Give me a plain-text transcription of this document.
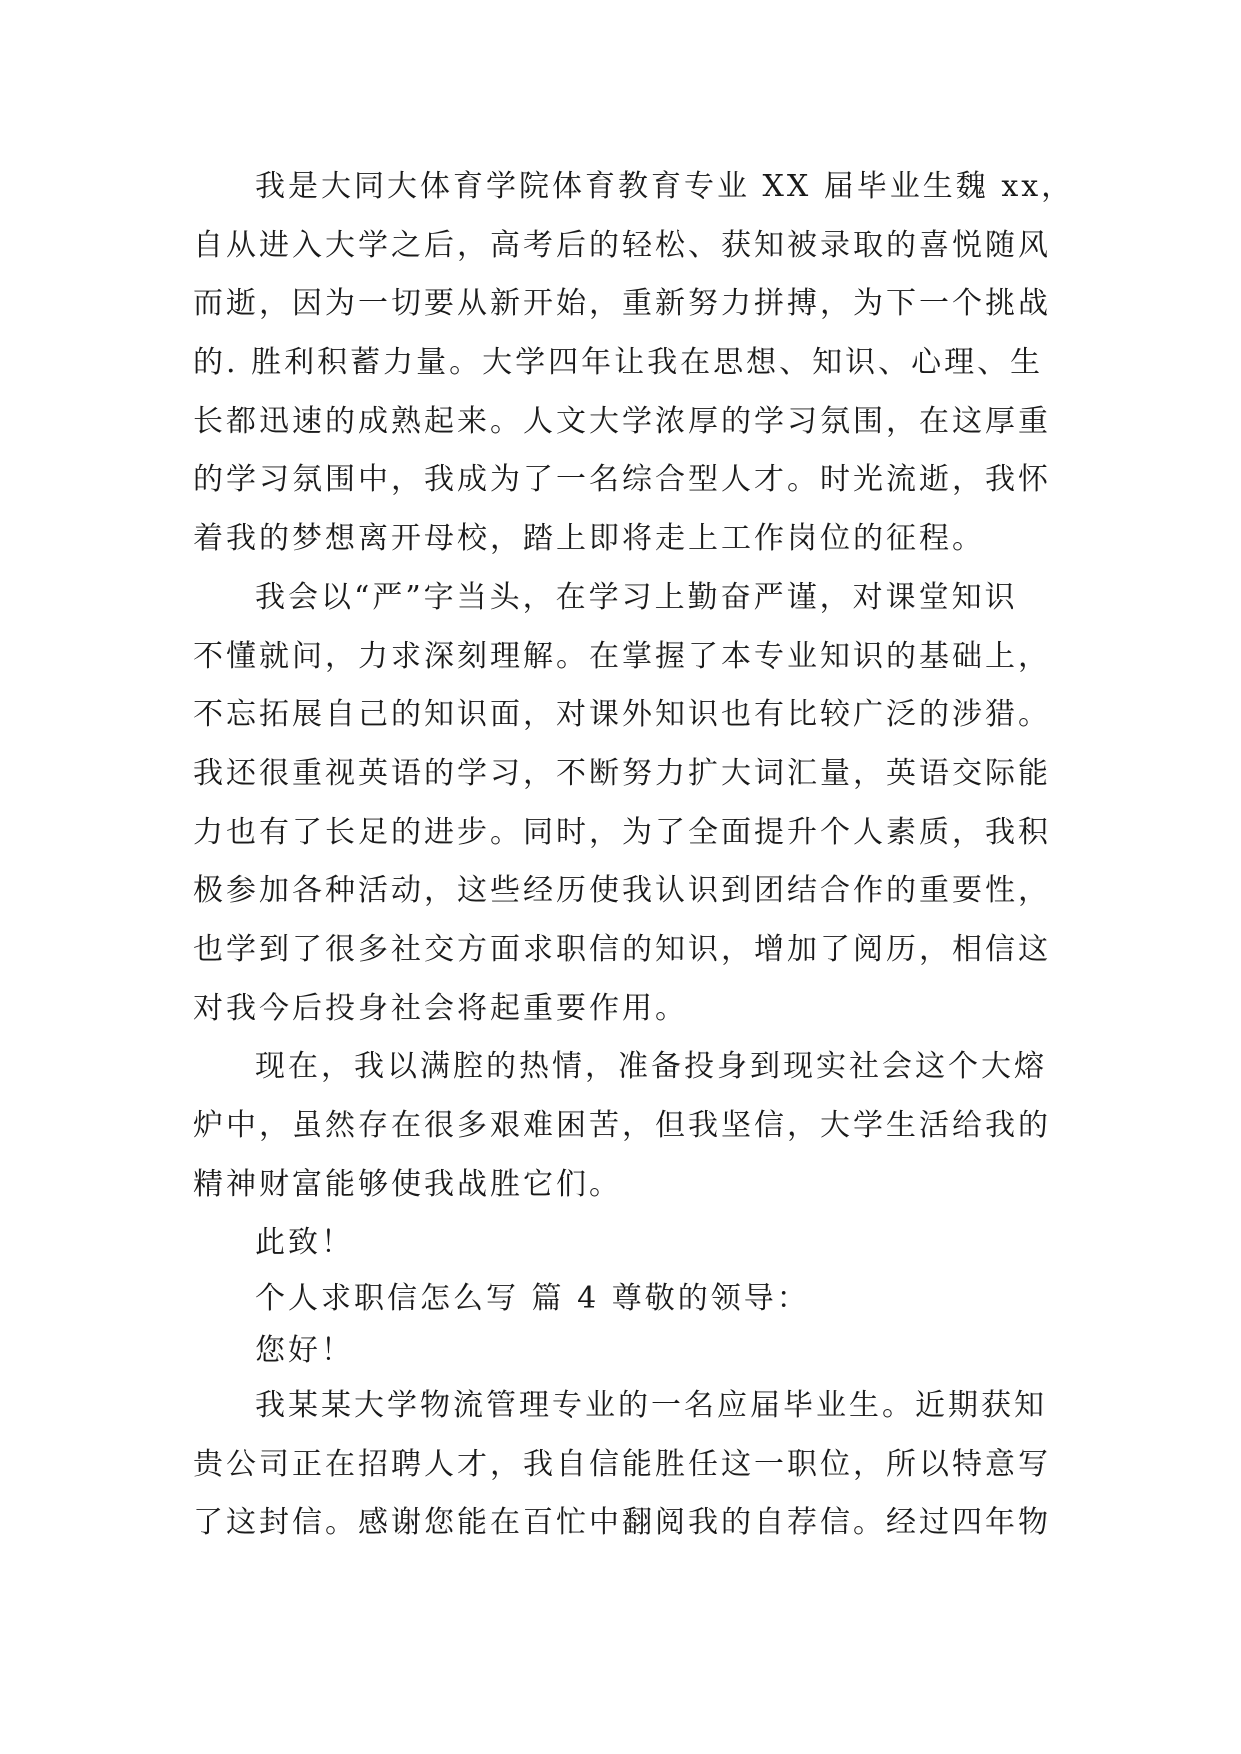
我是大同大体育学院体育教育专业 XX 届毕业生魏 xx，
自从进入大学之后，高考后的轻松、获知被录取的喜悦随风
而逝，因为一切要从新开始，重新努力拼搏，为下一个挑战
的. 胜利积蓄力量。大学四年让我在思想、知识、心理、生
长都迅速的成熟起来。人文大学浓厚的学习氛围，在这厚重
的学习氛围中，我成为了一名综合型人才。时光流逝，我怀
着我的梦想离开母校，踏上即将走上工作岗位的征程。
我会以“严”字当头，在学习上勤奋严谨，对课堂知识
不懂就问，力求深刻理解。在掌握了本专业知识的基础上，
不忘拓展自己的知识面，对课外知识也有比较广泛的涉猎。
我还很重视英语的学习，不断努力扩大词汇量，英语交际能
力也有了长足的进步。同时，为了全面提升个人素质，我积
极参加各种活动，这些经历使我认识到团结合作的重要性，
也学到了很多社交方面求职信的知识，增加了阅历，相信这
对我今后投身社会将起重要作用。
现在，我以满腔的热情，准备投身到现实社会这个大熔
炉中，虽然存在很多艰难困苦，但我坚信，大学生活给我的
精神财富能够使我战胜它们。
此致！
个人求职信怎么写 篇 4 尊敬的领导：
您好！
我某某大学物流管理专业的一名应届毕业生。近期获知
贵公司正在招聘人才，我自信能胜任这一职位，所以特意写
了这封信。感谢您能在百忙中翻阅我的自荐信。经过四年物
